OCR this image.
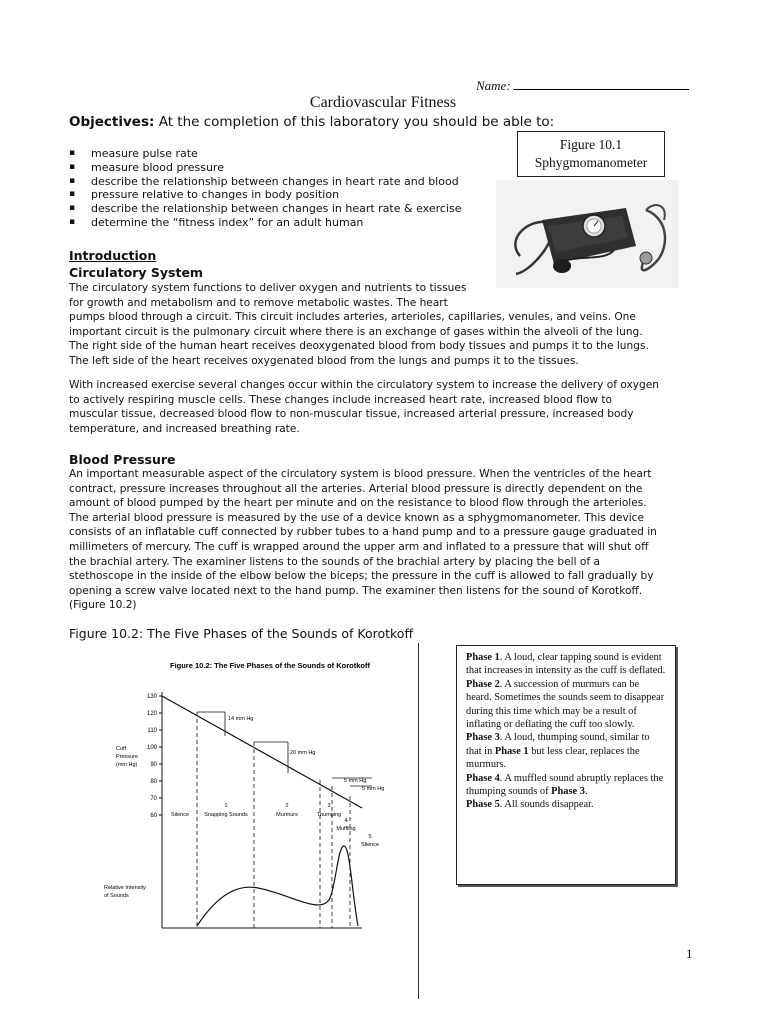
Name:
Cardiovascular Fitness
Objectives: At the completion of this laboratory you should be able to:
▪ measure pulse rate
▪ measure blood pressure
▪ describe the relationship between changes in heart rate and blood
▪ pressure relative to changes in body position
▪ describe the relationship between changes in heart rate & exercise
▪ determine the “fitness index” for an adult human
Figure 10.1
Sphygmomanometer
Introduction
Circulatory System
The circulatory system functions to deliver oxygen and nutrients to tissues
for growth and metabolism and to remove metabolic wastes. The heart
pumps blood through a circuit. This circuit includes arteries, arterioles, capillaries, venules, and veins. One
important circuit is the pulmonary circuit where there is an exchange of gases within the alveoli of the lung.
The right side of the human heart receives deoxygenated blood from body tissues and pumps it to the lungs.
The left side of the heart receives oxygenated blood from the lungs and pumps it to the tissues.
With increased exercise several changes occur within the circulatory system to increase the delivery of oxygen
to actively respiring muscle cells. These changes include increased heart rate, increased blood flow to
muscular tissue, decreased blood flow to non-muscular tissue, increased arterial pressure, increased body
temperature, and increased breathing rate.
Blood Pressure
An important measurable aspect of the circulatory system is blood pressure. When the ventricles of the heart
contract, pressure increases throughout all the arteries. Arterial blood pressure is directly dependent on the
amount of blood pumped by the heart per minute and on the resistance to blood flow through the arterioles.
The arterial blood pressure is measured by the use of a device known as a sphygmomanometer. This device
consists of an inflatable cuff connected by rubber tubes to a hand pump and to a pressure gauge graduated in
millimeters of mercury. The cuff is wrapped around the upper arm and inflated to a pressure that will shut off
the brachial artery. The examiner listens to the sounds of the brachial artery by placing the bell of a
stethoscope in the inside of the elbow below the biceps; the pressure in the cuff is allowed to fall gradually by
opening a screw valve located next to the hand pump. The examiner then listens for the sound of Korotkoff.
(Figure 10.2)
Figure 10.2: The Five Phases of the Sounds of Korotkoff
Figure 10.2: The Five Phases of the Sounds of Korotkoff
130
120
110
100
90
80
70
60
Cuff
Pressure
(mm Hg)
14 mm Hg
20 mm Hg
5 mm Hg
5 mm Hg
Silence
1
Snapping Sounds
2
Murmurs
3
Thumping
4
Muffling
5
Silence
Relative Intensity
of Sounds

Phase 1. A loud, clear tapping sound is evident that increases in intensity as the cuff is deflated.

Phase 2. A succession of murmurs can be heard. Sometimes the sounds seem to disappear during this time which may be a result of inflating or deflating the cuff too slowly.

Phase 3. A loud, thumping sound, similar to that in Phase 1 but less clear, replaces the murmurs.

Phase 4. A muffled sound abruptly replaces the thumping sounds of Phase 3.

Phase 5. All sounds disappear.

1
